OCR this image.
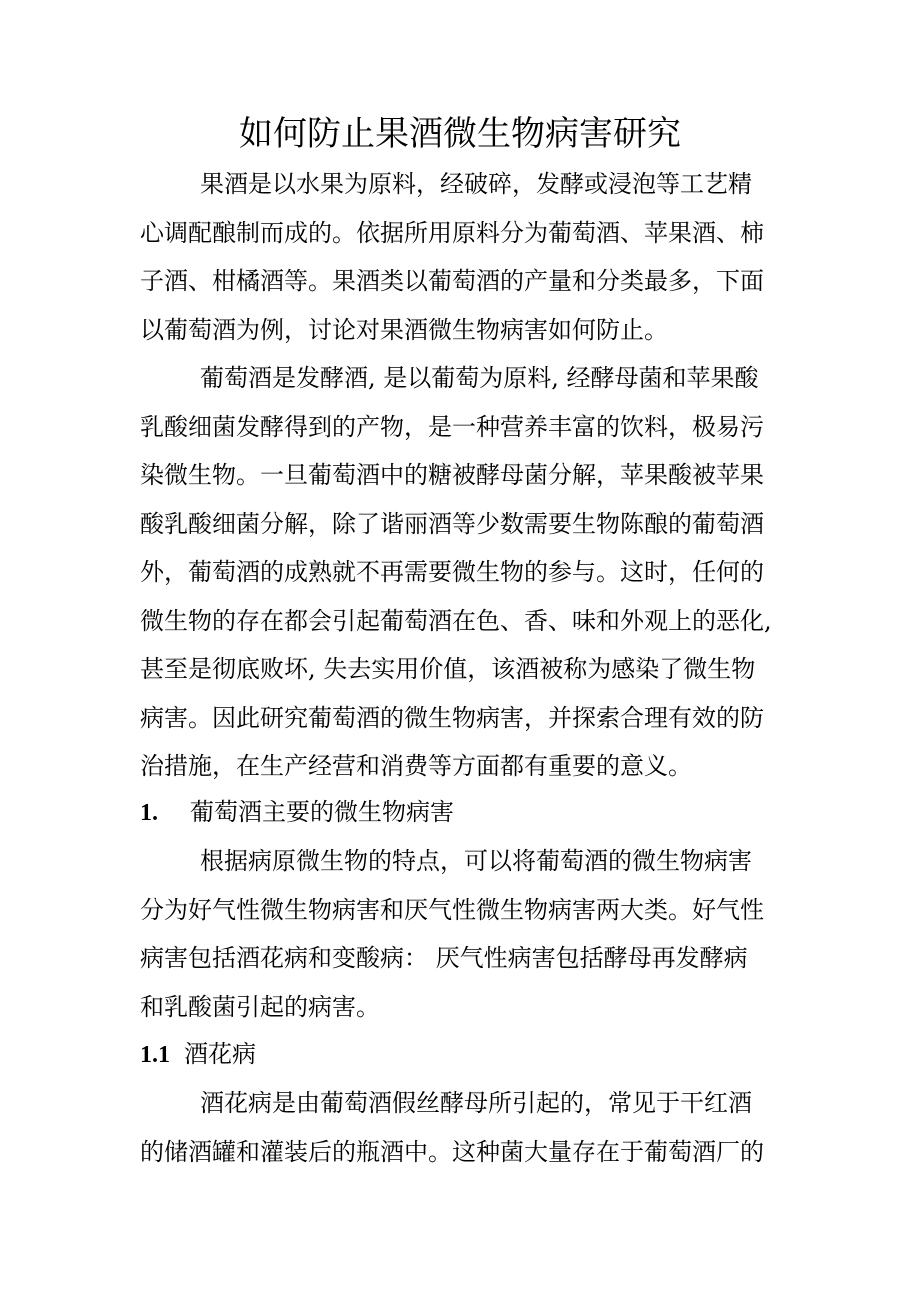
如何防止果酒微生物病害研究
果酒是以水果为原料，经破碎，发酵或浸泡等工艺精
心调配酿制而成的。依据所用原料分为葡萄酒、苹果酒、柿
子酒、柑橘酒等。果酒类以葡萄酒的产量和分类最多，下面
以葡萄酒为例，讨论对果酒微生物病害如何防止。
葡萄酒是发酵酒, 是以葡萄为原料, 经酵母菌和苹果酸
乳酸细菌发酵得到的产物，是一种营养丰富的饮料，极易污
染微生物。一旦葡萄酒中的糖被酵母菌分解，苹果酸被苹果
酸乳酸细菌分解，除了谐丽酒等少数需要生物陈酿的葡萄酒
外，葡萄酒的成熟就不再需要微生物的参与。这时，任何的
微生物的存在都会引起葡萄酒在色、香、味和外观上的恶化,
甚至是彻底败坏, 失去实用价值，该酒被称为感染了微生物
病害。因此研究葡萄酒的微生物病害，并探索合理有效的防
治措施，在生产经营和消费等方面都有重要的意义。
1. 葡萄酒主要的微生物病害
根据病原微生物的特点，可以将葡萄酒的微生物病害
分为好气性微生物病害和厌气性微生物病害两大类。好气性
病害包括酒花病和变酸病： 厌气性病害包括酵母再发酵病
和乳酸菌引起的病害。
1.1 酒花病
酒花病是由葡萄酒假丝酵母所引起的，常见于干红酒
的储酒罐和灌装后的瓶酒中。这种菌大量存在于葡萄酒厂的
